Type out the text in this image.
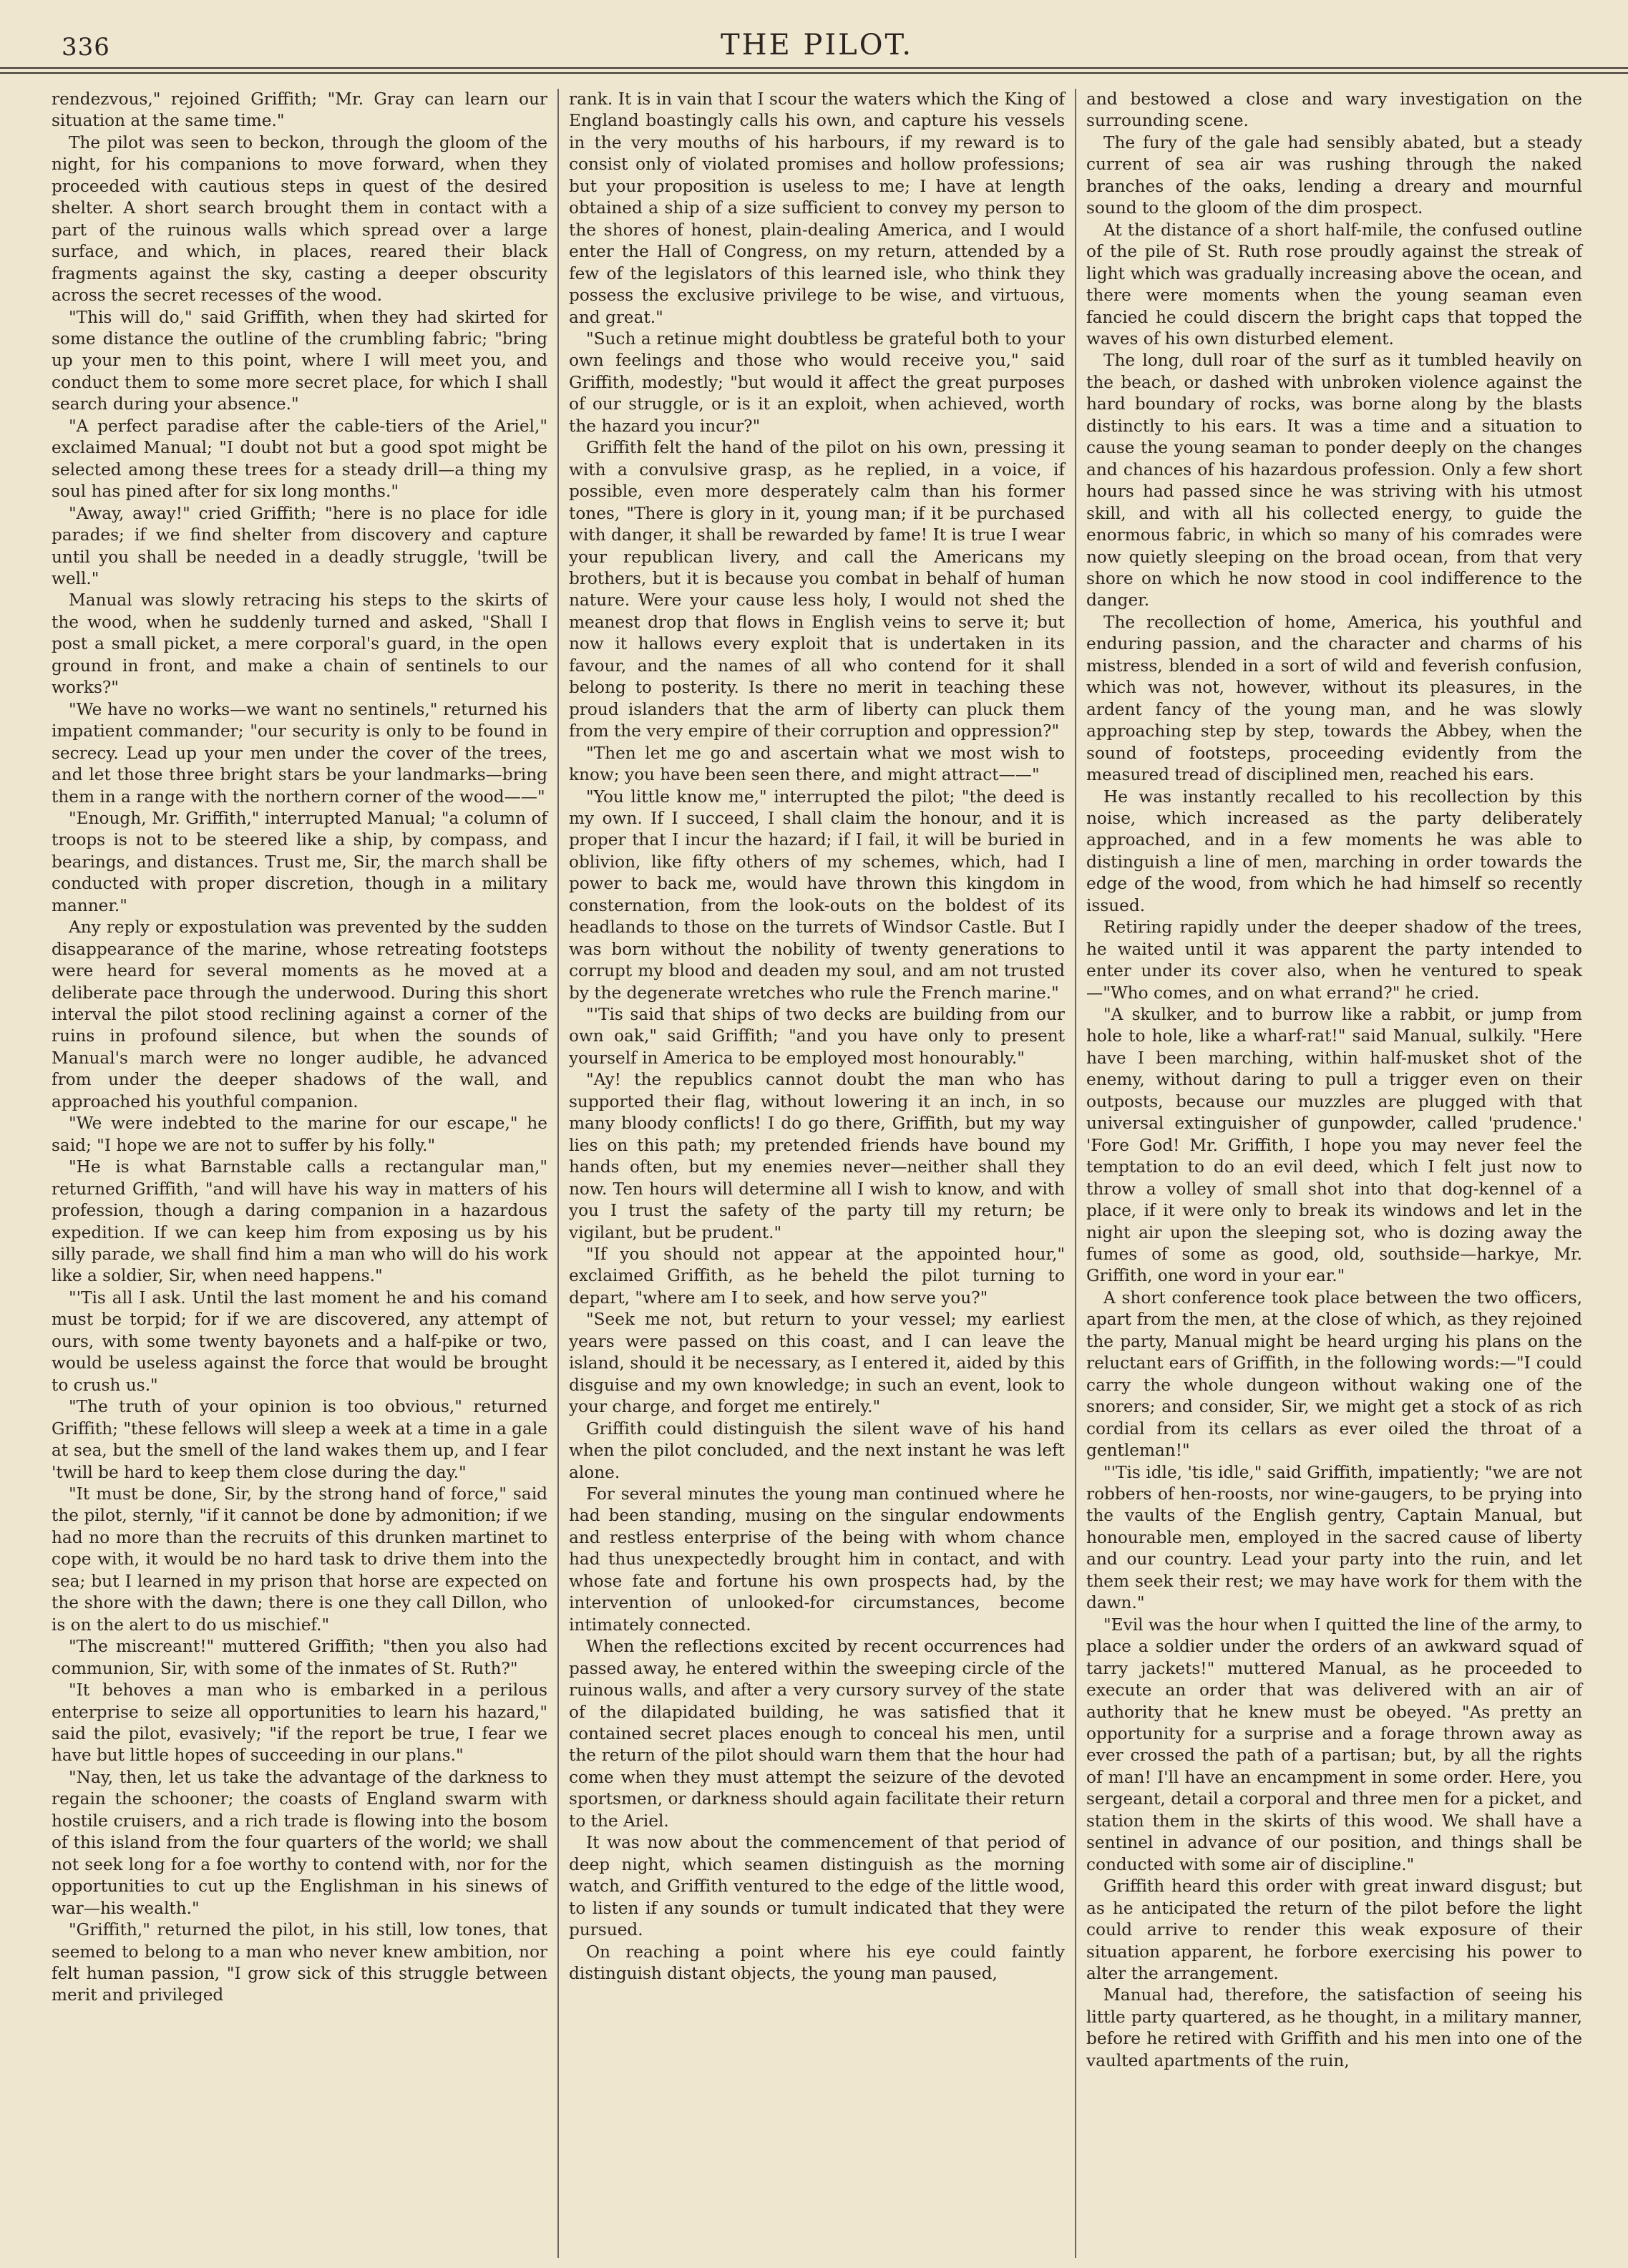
336	THE PILOT.

rendezvous," rejoined Griffith; "Mr. Gray can learn our situation at the same time."

The pilot was seen to beckon, through the gloom of the night, for his companions to move forward, when they proceeded with cautious steps in quest of the desired shelter. A short search brought them in contact with a part of the ruinous walls which spread over a large surface, and which, in places, reared their black fragments against the sky, casting a deeper obscurity across the secret recesses of the wood.

"This will do," said Griffith, when they had skirted for some distance the outline of the crumbling fabric; "bring up your men to this point, where I will meet you, and conduct them to some more secret place, for which I shall search during your absence."

"A perfect paradise after the cable-tiers of the Ariel," exclaimed Manual; "I doubt not but a good spot might be selected among these trees for a steady drill—a thing my soul has pined after for six long months."

"Away, away!" cried Griffith; "here is no place for idle parades; if we find shelter from discovery and capture until you shall be needed in a deadly struggle, 'twill be well."

Manual was slowly retracing his steps to the skirts of the wood, when he suddenly turned and asked, "Shall I post a small picket, a mere corporal's guard, in the open ground in front, and make a chain of sentinels to our works?"

"We have no works—we want no sentinels," returned his impatient commander; "our security is only to be found in secrecy. Lead up your men under the cover of the trees, and let those three bright stars be your landmarks—bring them in a range with the northern corner of the wood——"

"Enough, Mr. Griffith," interrupted Manual; "a column of troops is not to be steered like a ship, by compass, and bearings, and distances. Trust me, Sir, the march shall be conducted with proper discretion, though in a military manner."

Any reply or expostulation was prevented by the sudden disappearance of the marine, whose retreating footsteps were heard for several moments as he moved at a deliberate pace through the underwood. During this short interval the pilot stood reclining against a corner of the ruins in profound silence, but when the sounds of Manual's march were no longer audible, he advanced from under the deeper shadows of the wall, and approached his youthful companion.

"We were indebted to the marine for our escape," he said; "I hope we are not to suffer by his folly."

"He is what Barnstable calls a rectangular man," returned Griffith, "and will have his way in matters of his profession, though a daring companion in a hazardous expedition. If we can keep him from exposing us by his silly parade, we shall find him a man who will do his work like a soldier, Sir, when need happens."

"'Tis all I ask. Until the last moment he and his comand must be torpid; for if we are discovered, any attempt of ours, with some twenty bayonets and a half-pike or two, would be useless against the force that would be brought to crush us."

"The truth of your opinion is too obvious," returned Griffith; "these fellows will sleep a week at a time in a gale at sea, but the smell of the land wakes them up, and I fear 'twill be hard to keep them close during the day."

"It must be done, Sir, by the strong hand of force," said the pilot, sternly, "if it cannot be done by admonition; if we had no more than the recruits of this drunken martinet to cope with, it would be no hard task to drive them into the sea; but I learned in my prison that horse are expected on the shore with the dawn; there is one they call Dillon, who is on the alert to do us mischief."

"The miscreant!" muttered Griffith; "then you also had communion, Sir, with some of the inmates of St. Ruth?"

"It behoves a man who is embarked in a perilous enterprise to seize all opportunities to learn his hazard," said the pilot, evasively; "if the report be true, I fear we have but little hopes of succeeding in our plans."

"Nay, then, let us take the advantage of the darkness to regain the schooner; the coasts of England swarm with hostile cruisers, and a rich trade is flowing into the bosom of this island from the four quarters of the world; we shall not seek long for a foe worthy to contend with, nor for the opportunities to cut up the Englishman in his sinews of war—his wealth."

"Griffith," returned the pilot, in his still, low tones, that seemed to belong to a man who never knew ambition, nor felt human passion, "I grow sick of this struggle between merit and privileged

rank. It is in vain that I scour the waters which the King of England boastingly calls his own, and capture his vessels in the very mouths of his harbours, if my reward is to consist only of violated promises and hollow professions; but your proposition is useless to me; I have at length obtained a ship of a size sufficient to convey my person to the shores of honest, plain-dealing America, and I would enter the Hall of Congress, on my return, attended by a few of the legislators of this learned isle, who think they possess the exclusive privilege to be wise, and virtuous, and great."

"Such a retinue might doubtless be grateful both to your own feelings and those who would receive you," said Griffith, modestly; "but would it affect the great purposes of our struggle, or is it an exploit, when achieved, worth the hazard you incur?"

Griffith felt the hand of the pilot on his own, pressing it with a convulsive grasp, as he replied, in a voice, if possible, even more desperately calm than his former tones, "There is glory in it, young man; if it be purchased with danger, it shall be rewarded by fame! It is true I wear your republican livery, and call the Americans my brothers, but it is because you combat in behalf of human nature. Were your cause less holy, I would not shed the meanest drop that flows in English veins to serve it; but now it hallows every exploit that is undertaken in its favour, and the names of all who contend for it shall belong to posterity. Is there no merit in teaching these proud islanders that the arm of liberty can pluck them from the very empire of their corruption and oppression?"

"Then let me go and ascertain what we most wish to know; you have been seen there, and might attract——"

"You little know me," interrupted the pilot; "the deed is my own. If I succeed, I shall claim the honour, and it is proper that I incur the hazard; if I fail, it will be buried in oblivion, like fifty others of my schemes, which, had I power to back me, would have thrown this kingdom in consternation, from the look-outs on the boldest of its headlands to those on the turrets of Windsor Castle. But I was born without the nobility of twenty generations to corrupt my blood and deaden my soul, and am not trusted by the degenerate wretches who rule the French marine."

"'Tis said that ships of two decks are building from our own oak," said Griffith; "and you have only to present yourself in America to be employed most honourably."

"Ay! the republics cannot doubt the man who has supported their flag, without lowering it an inch, in so many bloody conflicts! I do go there, Griffith, but my way lies on this path; my pretended friends have bound my hands often, but my enemies never—neither shall they now. Ten hours will determine all I wish to know, and with you I trust the safety of the party till my return; be vigilant, but be prudent."

"If you should not appear at the appointed hour," exclaimed Griffith, as he beheld the pilot turning to depart, "where am I to seek, and how serve you?"

"Seek me not, but return to your vessel; my earliest years were passed on this coast, and I can leave the island, should it be necessary, as I entered it, aided by this disguise and my own knowledge; in such an event, look to your charge, and forget me entirely."

Griffith could distinguish the silent wave of his hand when the pilot concluded, and the next instant he was left alone.

For several minutes the young man continued where he had been standing, musing on the singular endowments and restless enterprise of the being with whom chance had thus unexpectedly brought him in contact, and with whose fate and fortune his own prospects had, by the intervention of unlooked-for circumstances, become intimately connected.

When the reflections excited by recent occurrences had passed away, he entered within the sweeping circle of the ruinous walls, and after a very cursory survey of the state of the dilapidated building, he was satisfied that it contained secret places enough to conceal his men, until the return of the pilot should warn them that the hour had come when they must attempt the seizure of the devoted sportsmen, or darkness should again facilitate their return to the Ariel.

It was now about the commencement of that period of deep night, which seamen distinguish as the morning watch, and Griffith ventured to the edge of the little wood, to listen if any sounds or tumult indicated that they were pursued.

On reaching a point where his eye could faintly distinguish distant objects, the young man paused,

and bestowed a close and wary investigation on the surrounding scene.

The fury of the gale had sensibly abated, but a steady current of sea air was rushing through the naked branches of the oaks, lending a dreary and mournful sound to the gloom of the dim prospect.

At the distance of a short half-mile, the confused outline of the pile of St. Ruth rose proudly against the streak of light which was gradually increasing above the ocean, and there were moments when the young seaman even fancied he could discern the bright caps that topped the waves of his own disturbed element.

The long, dull roar of the surf as it tumbled heavily on the beach, or dashed with unbroken violence against the hard boundary of rocks, was borne along by the blasts distinctly to his ears. It was a time and a situation to cause the young seaman to ponder deeply on the changes and chances of his hazardous profession. Only a few short hours had passed since he was striving with his utmost skill, and with all his collected energy, to guide the enormous fabric, in which so many of his comrades were now quietly sleeping on the broad ocean, from that very shore on which he now stood in cool indifference to the danger.

The recollection of home, America, his youthful and enduring passion, and the character and charms of his mistress, blended in a sort of wild and feverish confusion, which was not, however, without its pleasures, in the ardent fancy of the young man, and he was slowly approaching step by step, towards the Abbey, when the sound of footsteps, proceeding evidently from the measured tread of disciplined men, reached his ears.

He was instantly recalled to his recollection by this noise, which increased as the party deliberately approached, and in a few moments he was able to distinguish a line of men, marching in order towards the edge of the wood, from which he had himself so recently issued.

Retiring rapidly under the deeper shadow of the trees, he waited until it was apparent the party intended to enter under its cover also, when he ventured to speak—"Who comes, and on what errand?" he cried.

"A skulker, and to burrow like a rabbit, or jump from hole to hole, like a wharf-rat!" said Manual, sulkily. "Here have I been marching, within half-musket shot of the enemy, without daring to pull a trigger even on their outposts, because our muzzles are plugged with that universal extinguisher of gunpowder, called 'prudence.' 'Fore God! Mr. Griffith, I hope you may never feel the temptation to do an evil deed, which I felt just now to throw a volley of small shot into that dog-kennel of a place, if it were only to break its windows and let in the night air upon the sleeping sot, who is dozing away the fumes of some as good, old, southside—harkye, Mr. Griffith, one word in your ear."

A short conference took place between the two officers, apart from the men, at the close of which, as they rejoined the party, Manual might be heard urging his plans on the reluctant ears of Griffith, in the following words:—"I could carry the whole dungeon without waking one of the snorers; and consider, Sir, we might get a stock of as rich cordial from its cellars as ever oiled the throat of a gentleman!"

"'Tis idle, 'tis idle," said Griffith, impatiently; "we are not robbers of hen-roosts, nor wine-gaugers, to be prying into the vaults of the English gentry, Captain Manual, but honourable men, employed in the sacred cause of liberty and our country. Lead your party into the ruin, and let them seek their rest; we may have work for them with the dawn."

"Evil was the hour when I quitted the line of the army, to place a soldier under the orders of an awkward squad of tarry jackets!" muttered Manual, as he proceeded to execute an order that was delivered with an air of authority that he knew must be obeyed. "As pretty an opportunity for a surprise and a forage thrown away as ever crossed the path of a partisan; but, by all the rights of man! I'll have an encampment in some order. Here, you sergeant, detail a corporal and three men for a picket, and station them in the skirts of this wood. We shall have a sentinel in advance of our position, and things shall be conducted with some air of discipline."

Griffith heard this order with great inward disgust; but as he anticipated the return of the pilot before the light could arrive to render this weak exposure of their situation apparent, he forbore exercising his power to alter the arrangement.

Manual had, therefore, the satisfaction of seeing his little party quartered, as he thought, in a military manner, before he retired with Griffith and his men into one of the vaulted apartments of the ruin,
